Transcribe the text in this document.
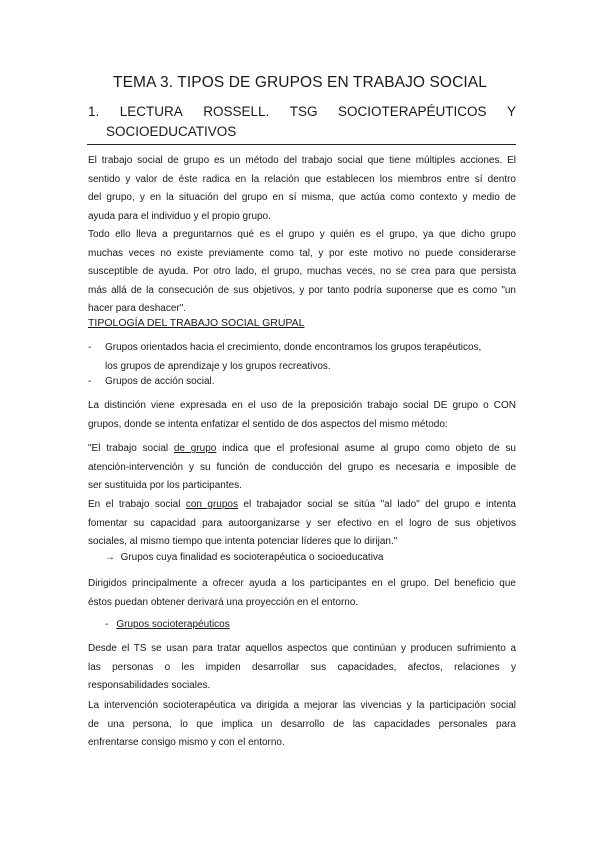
TEMA 3. TIPOS DE GRUPOS EN TRABAJO SOCIAL
1. LECTURA ROSSELL. TSG SOCIOTERAPÉUTICOS Y
SOCIOEDUCATIVOS
El trabajo social de grupo es un método del trabajo social que tiene múltiples acciones. El
sentido y valor de éste radica en la relación que establecen los miembros entre sí dentro
del grupo, y en la situación del grupo en sí misma, que actúa como contexto y medio de
ayuda para el individuo y el propio grupo.
Todo ello lleva a preguntarnos qué es el grupo y quién es el grupo, ya que dicho grupo
muchas veces no existe previamente como tal, y por este motivo no puede considerarse
susceptible de ayuda. Por otro lado, el grupo, muchas veces, no se crea para que persista
más allá de la consecución de sus objetivos, y por tanto podría suponerse que es como "un
hacer para deshacer".
TIPOLOGÍA DEL TRABAJO SOCIAL GRUPAL
- Grupos orientados hacia el crecimiento, donde encontramos los grupos terapéuticos,
los grupos de aprendizaje y los grupos recreativos.
- Grupos de acción social.
La distinción viene expresada en el uso de la preposición trabajo social DE grupo o CON
grupos, donde se intenta enfatizar el sentido de dos aspectos del mismo método:
"El trabajo social de grupo indica que el profesional asume al grupo como objeto de su
atención-intervención y su función de conducción del grupo es necesaria e imposible de
ser sustituida por los participantes.
En el trabajo social con grupos el trabajador social se sitúa "al lado" del grupo e intenta
fomentar su capacidad para autoorganizarse y ser efectivo en el logro de sus objetivos
sociales, al mismo tiempo que intenta potenciar líderes que lo dirijan."
→ Grupos cuya finalidad es socioterapéutica o socioeducativa
Dirigidos principalmente a ofrecer ayuda a los participantes en el grupo. Del beneficio que
éstos puedan obtener derivará una proyección en el entorno.
- Grupos socioterapéuticos
Desde el TS se usan para tratar aquellos aspectos que continúan y producen sufrimiento a
las personas o les impiden desarrollar sus capacidades, afectos, relaciones y
responsabilidades sociales.
La intervención socioterapéutica va dirigida a mejorar las vivencias y la participación social
de una persona, lo que implica un desarrollo de las capacidades personales para
enfrentarse consigo mismo y con el entorno.
